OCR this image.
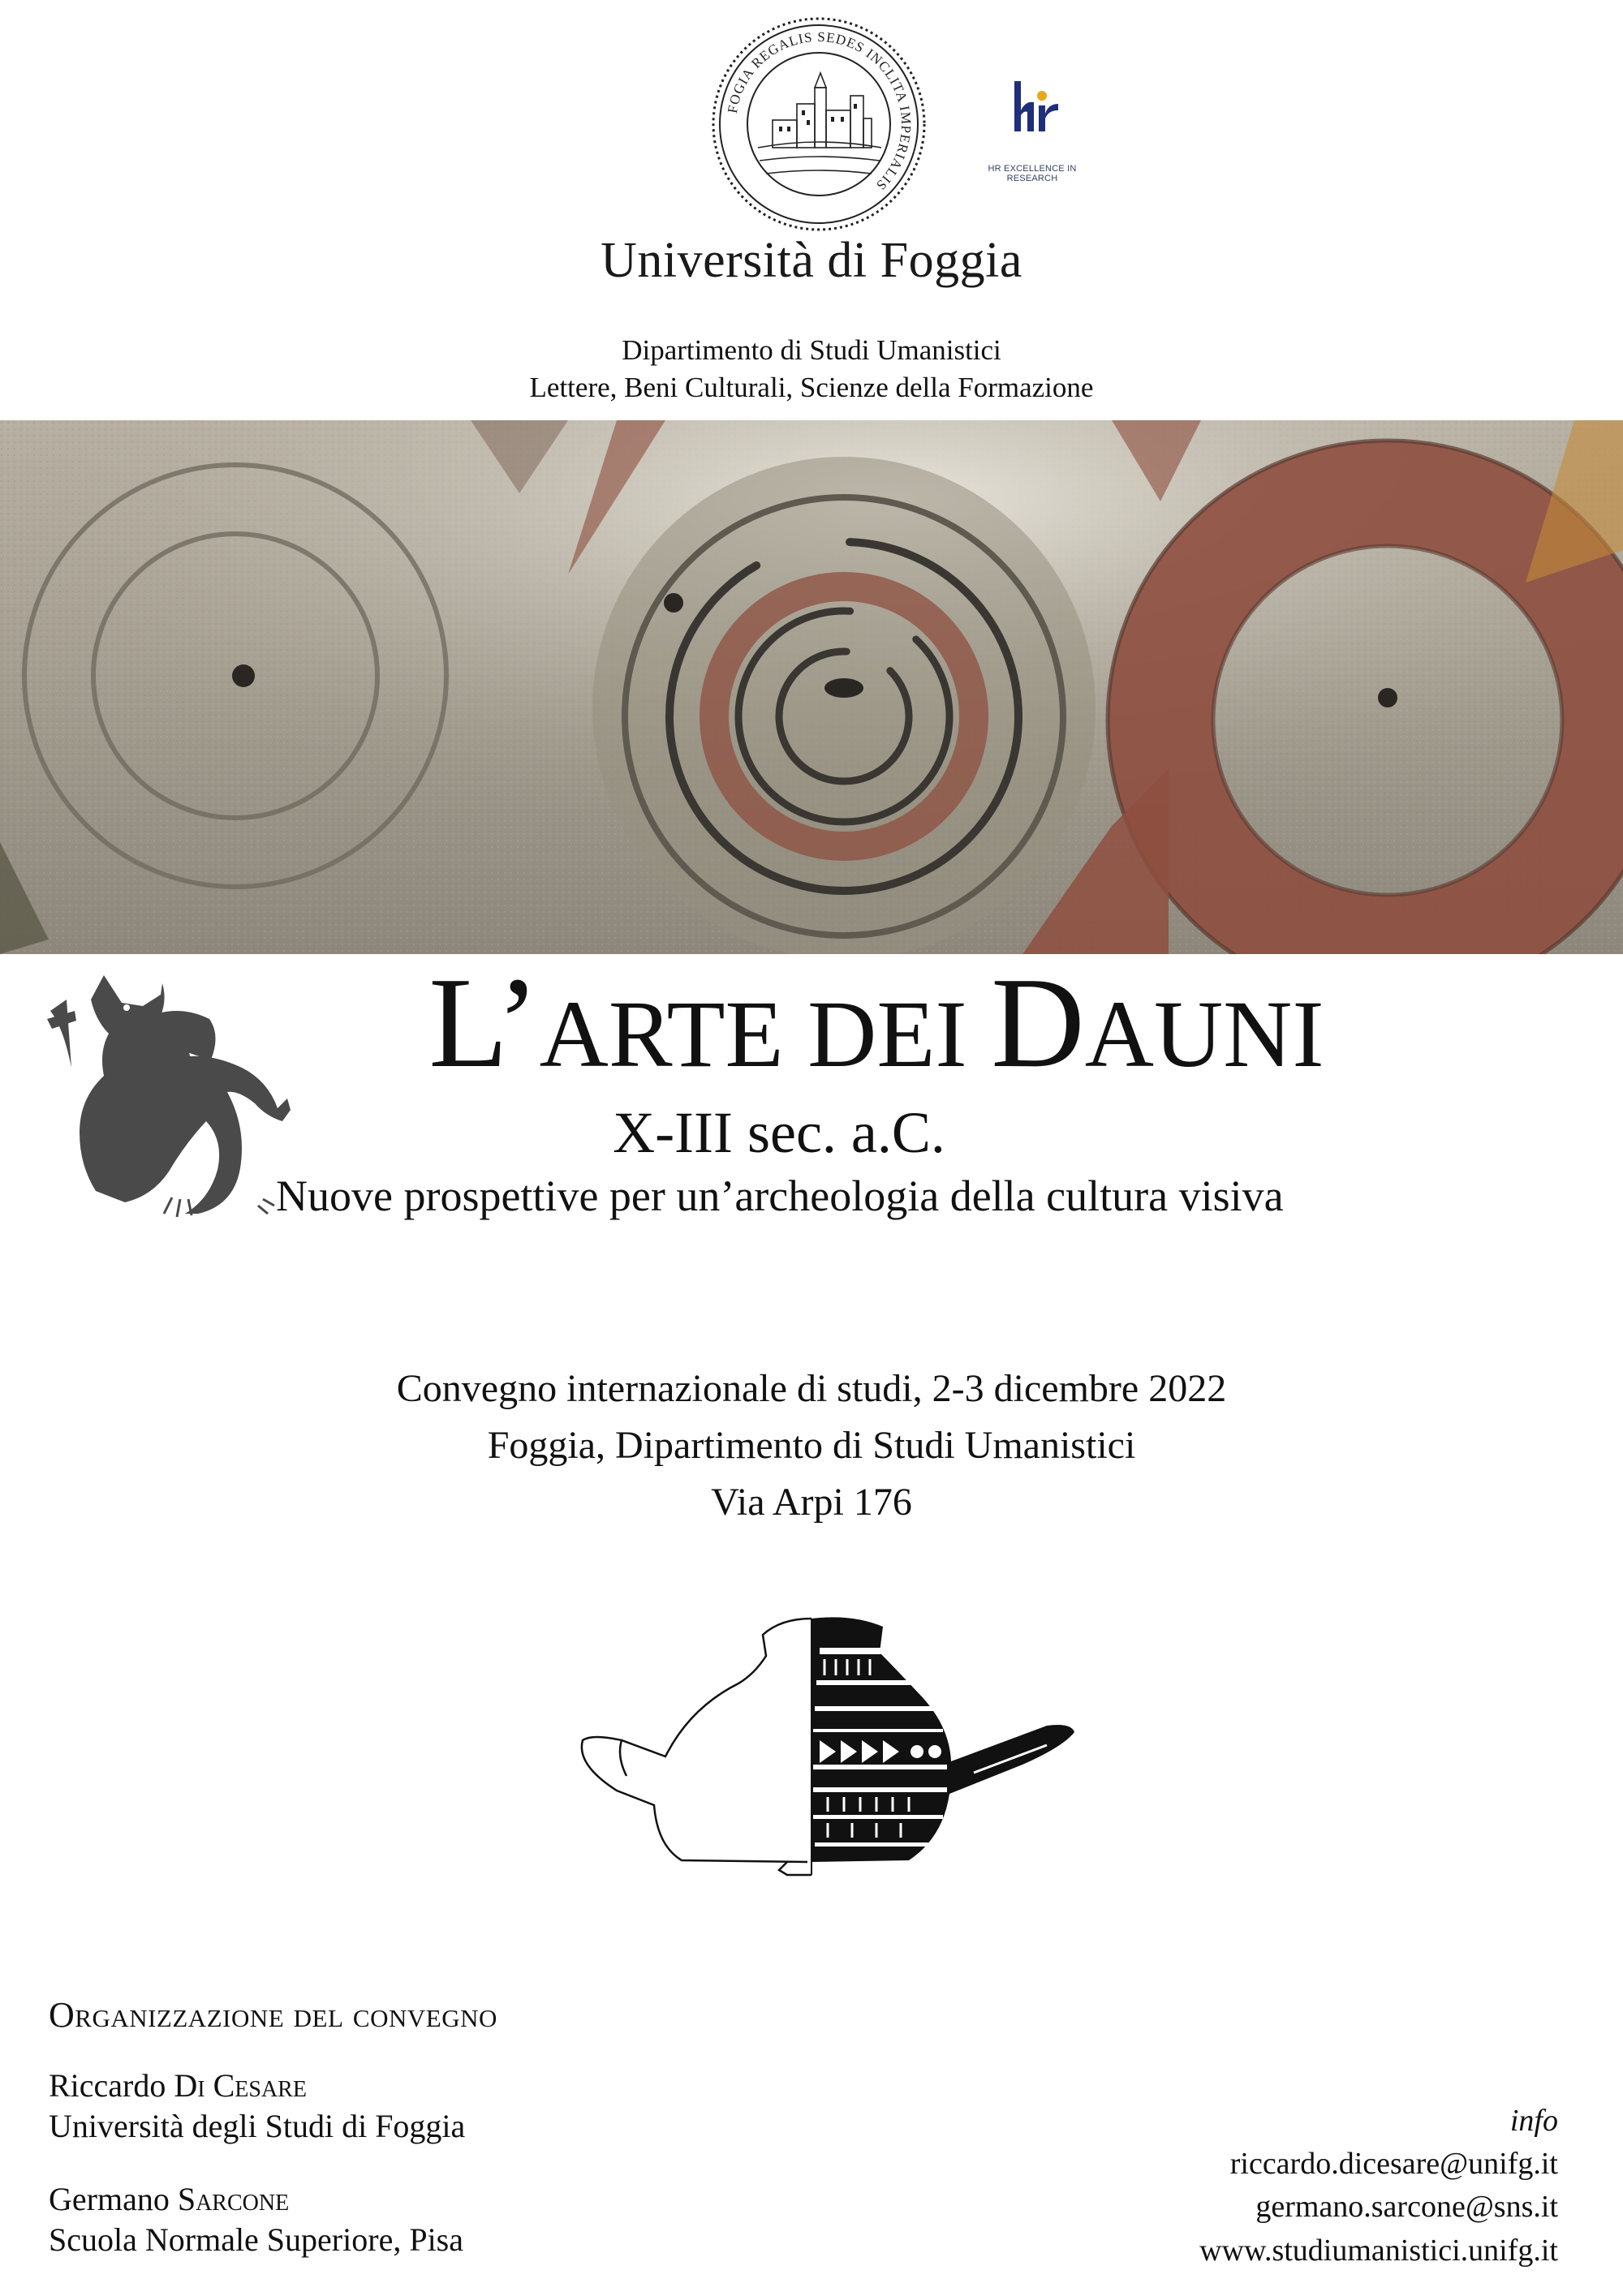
FOGIA REGALIS SEDES INCLITA IMPERIALIS
HR EXCELLENCE IN RESEARCH
Università di Foggia
Dipartimento di Studi Umanistici
Lettere, Beni Culturali, Scienze della Formazione
L’ARTE DEI DAUNI
X-III sec. a.C.
Nuove prospettive per un’archeologia della cultura visiva
Convegno internazionale di studi, 2-3 dicembre 2022
Foggia, Dipartimento di Studi Umanistici
Via Arpi 176
Organizzazione del convegno
Riccardo Di Cesare
Università degli Studi di Foggia
Germano Sarcone
Scuola Normale Superiore, Pisa
info
riccardo.dicesare@unifg.it
germano.sarcone@sns.it
www.studiumanistici.unifg.it
